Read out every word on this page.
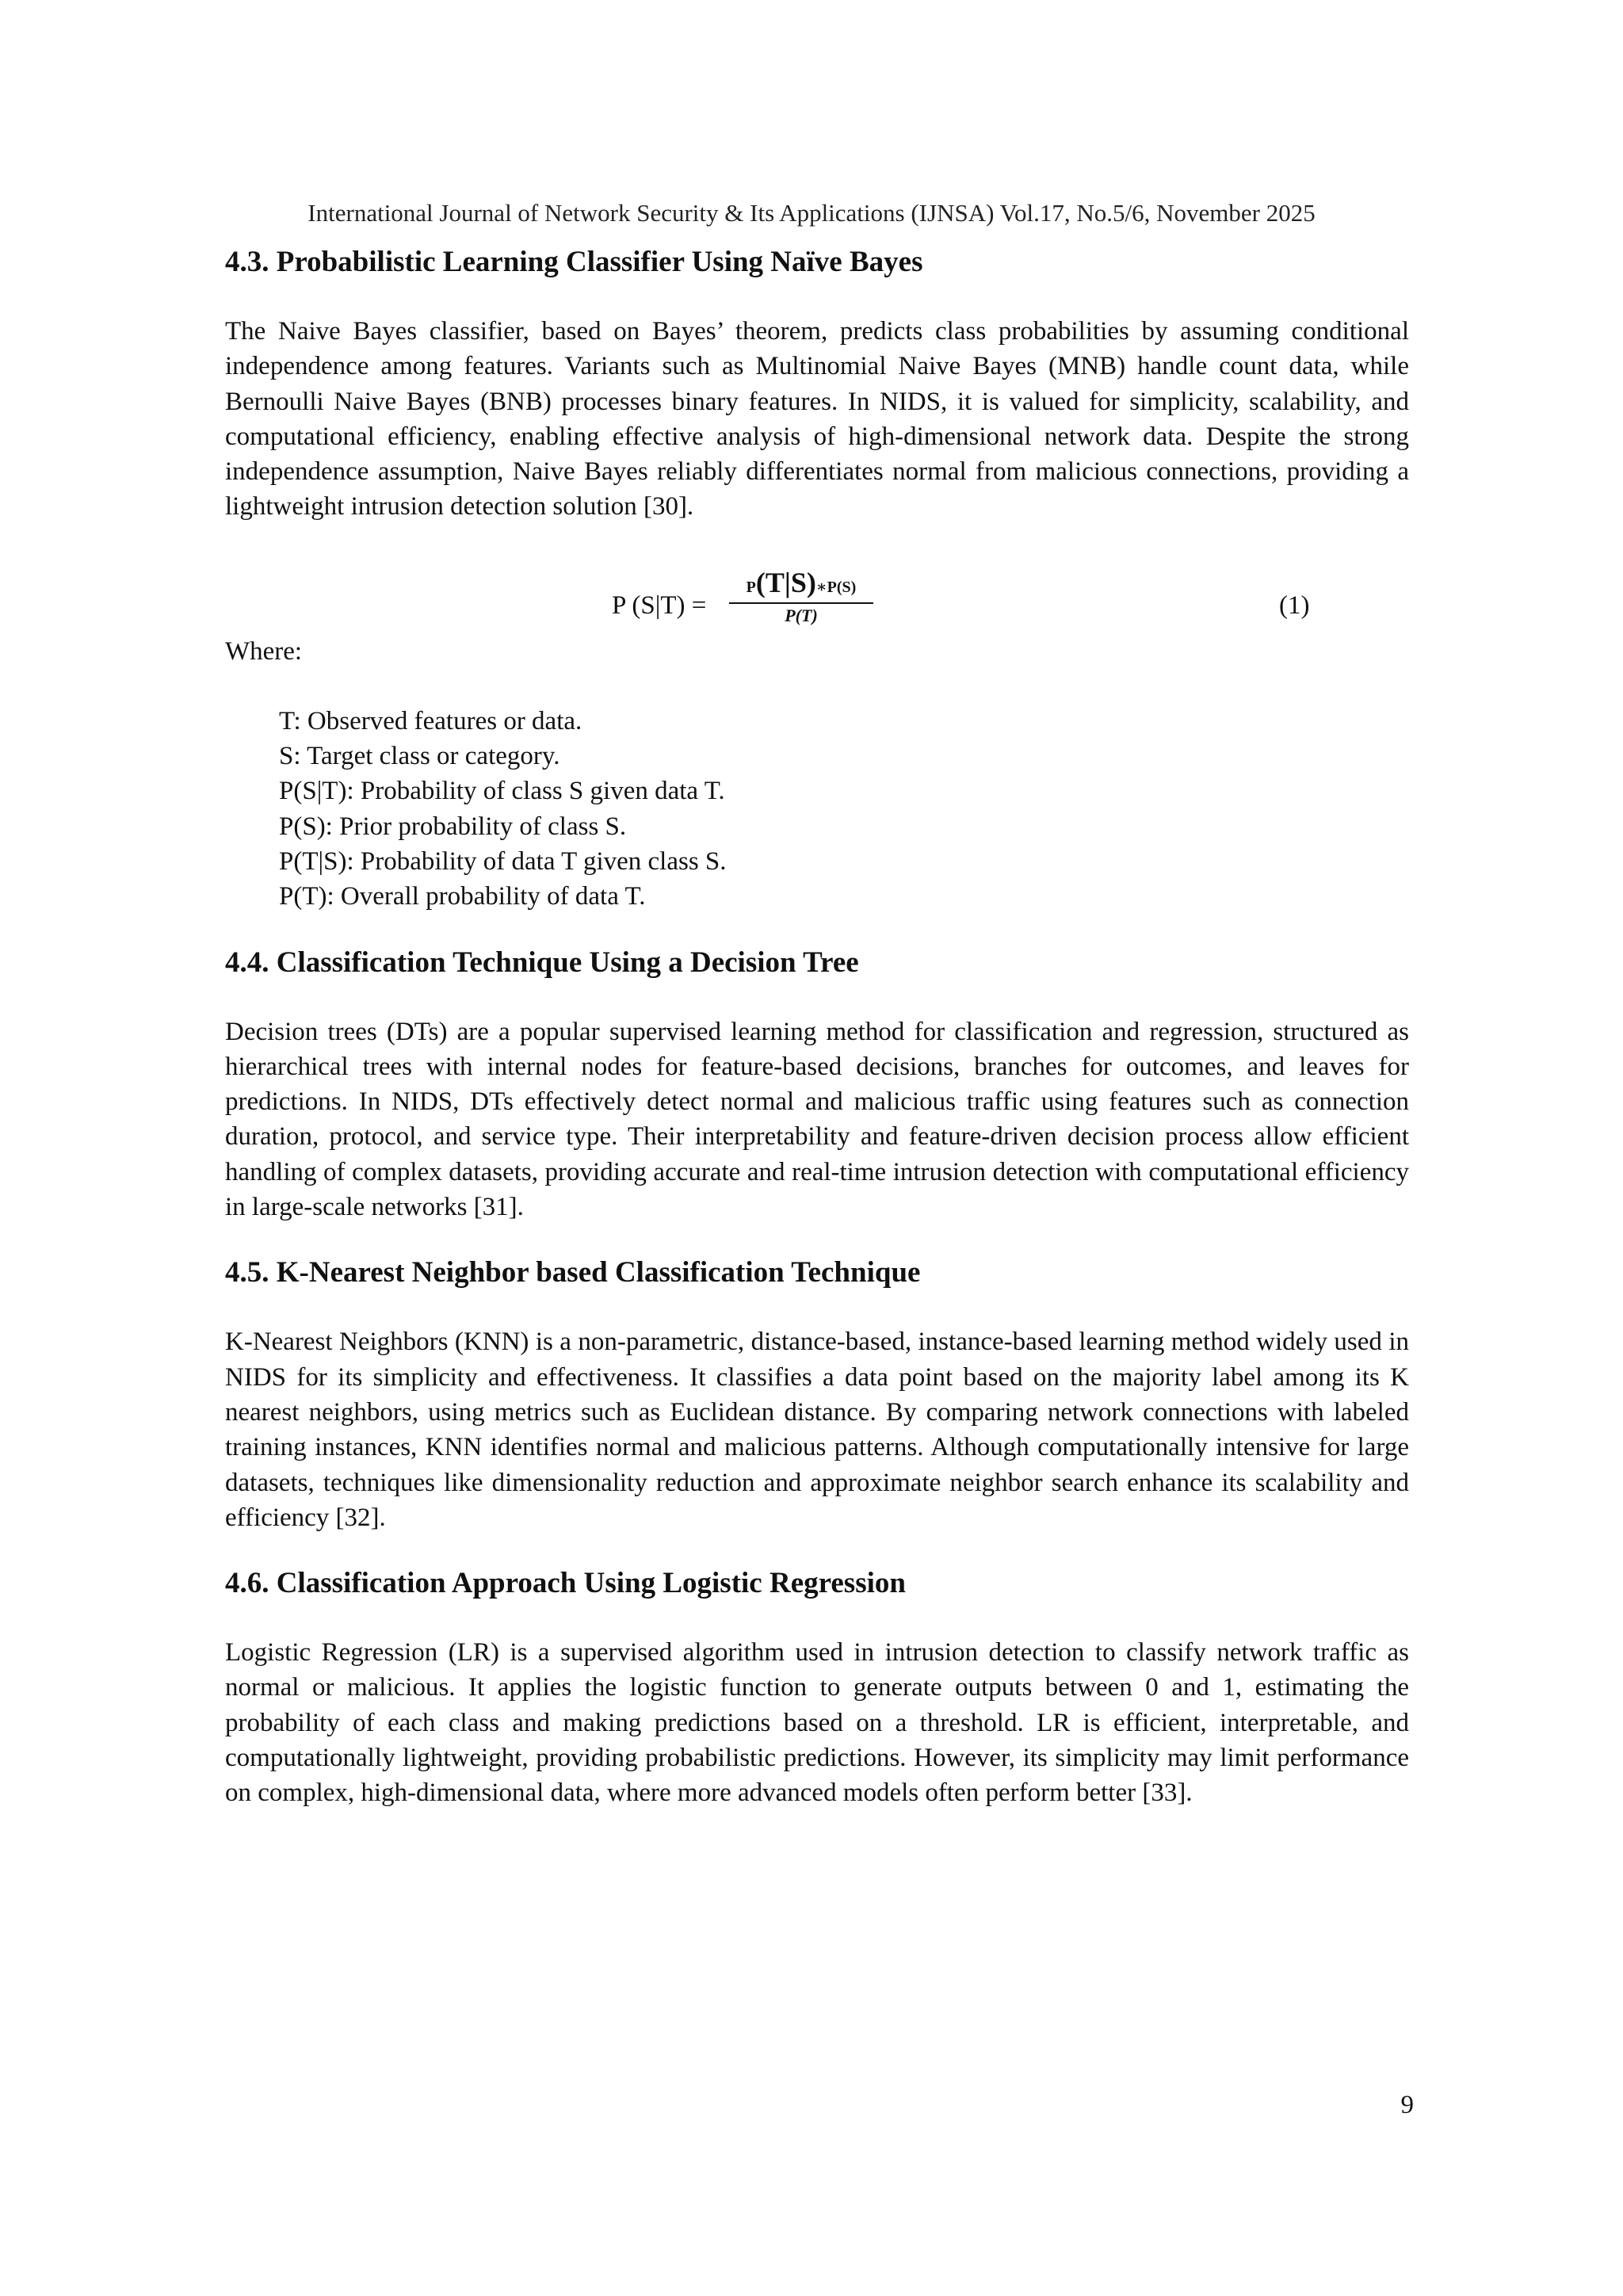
International Journal of Network Security & Its Applications (IJNSA) Vol.17, No.5/6, November 2025
4.3. Probabilistic Learning Classifier Using Naïve Bayes

The Naive Bayes classifier, based on Bayes’ theorem, predicts class probabilities by assuming conditional independence among features. Variants such as Multinomial Naive Bayes (MNB) handle count data, while Bernoulli Naive Bayes (BNB) processes binary features. In NIDS, it is valued for simplicity, scalability, and computational efficiency, enabling effective analysis of high-dimensional network data. Despite the strong independence assumption, Naive Bayes reliably differentiates normal from malicious connections, providing a lightweight intrusion detection solution [30].

P (S|T) =
P(T|S)∗P(S)
P(T)	(1)

Where:

T: Observed features or data.
S: Target class or category.
P(S|T): Probability of class S given data T.
P(S): Prior probability of class S.
P(T|S): Probability of data T given class S.
P(T): Overall probability of data T.
4.4. Classification Technique Using a Decision Tree

Decision trees (DTs) are a popular supervised learning method for classification and regression, structured as hierarchical trees with internal nodes for feature-based decisions, branches for outcomes, and leaves for predictions. In NIDS, DTs effectively detect normal and malicious traffic using features such as connection duration, protocol, and service type. Their interpretability and feature-driven decision process allow efficient handling of complex datasets, providing accurate and real-time intrusion detection with computational efficiency in large-scale networks [31].

4.5. K-Nearest Neighbor based Classification Technique

K-Nearest Neighbors (KNN) is a non-parametric, distance-based, instance-based learning method widely used in NIDS for its simplicity and effectiveness. It classifies a data point based on the majority label among its K nearest neighbors, using metrics such as Euclidean distance. By comparing network connections with labeled training instances, KNN identifies normal and malicious patterns. Although computationally intensive for large datasets, techniques like dimensionality reduction and approximate neighbor search enhance its scalability and efficiency [32].

4.6. Classification Approach Using Logistic Regression

Logistic Regression (LR) is a supervised algorithm used in intrusion detection to classify network traffic as normal or malicious. It applies the logistic function to generate outputs between 0 and 1, estimating the probability of each class and making predictions based on a threshold. LR is efficient, interpretable, and computationally lightweight, providing probabilistic predictions. However, its simplicity may limit performance on complex, high-dimensional data, where more advanced models often perform better [33].

9
